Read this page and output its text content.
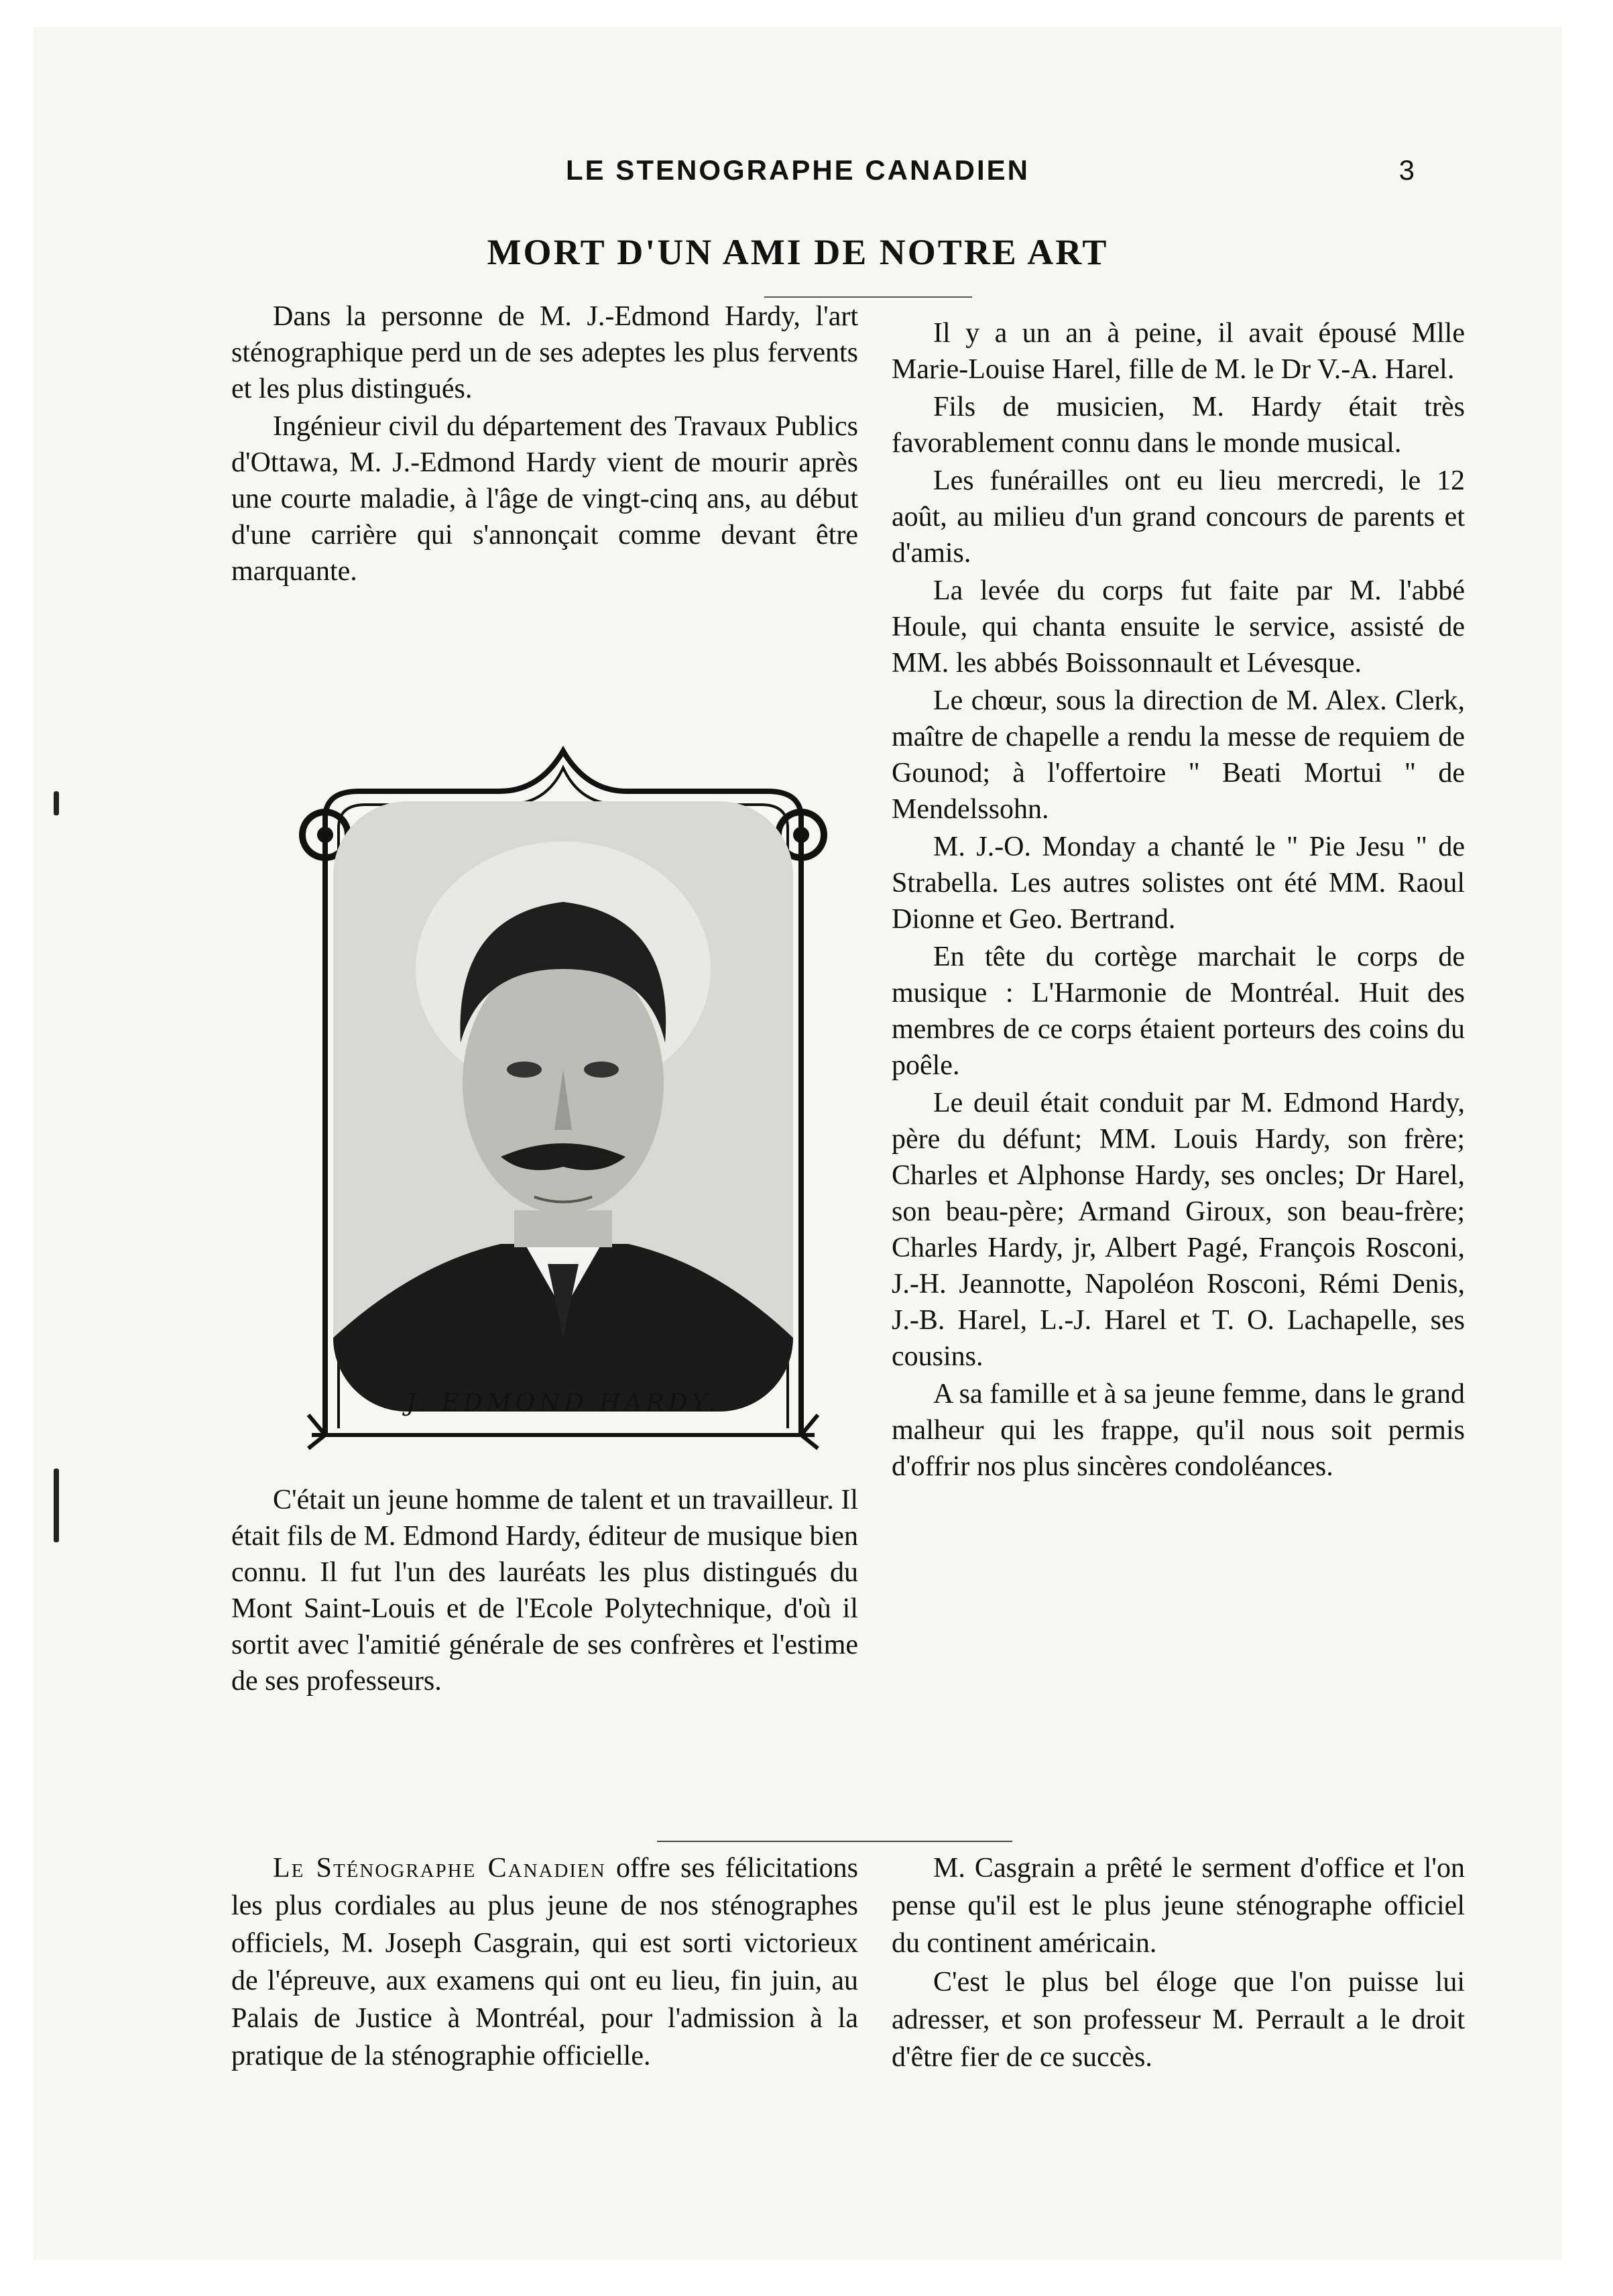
LE STENOGRAPHE CANADIEN	3
MORT D'UN AMI DE NOTRE ART

Dans la personne de M. J.-Edmond Hardy, l'art sténographique perd un de ses adeptes les plus fervents et les plus distingués.

Ingénieur civil du département des Travaux Publics d'Ottawa, M. J.-Edmond Hardy vient de mourir après une courte maladie, à l'âge de vingt-cinq ans, au début d'une carrière qui s'annonçait comme devant être marquante.

J. EDMOND HARDY.

C'était un jeune homme de talent et un travailleur. Il était fils de M. Edmond Hardy, éditeur de musique bien connu. Il fut l'un des lauréats les plus distingués du Mont Saint-Louis et de l'Ecole Polytechnique, d'où il sortit avec l'amitié générale de ses confrères et l'estime de ses professeurs.

Il y a un an à peine, il avait épousé Mlle Marie-Louise Harel, fille de M. le Dr V.-A. Harel.

Fils de musicien, M. Hardy était très favorablement connu dans le monde musical.

Les funérailles ont eu lieu mercredi, le 12 août, au milieu d'un grand concours de parents et d'amis.

La levée du corps fut faite par M. l'abbé Houle, qui chanta ensuite le service, assisté de MM. les abbés Boissonnault et Lévesque.

Le chœur, sous la direction de M. Alex. Clerk, maître de chapelle a rendu la messe de requiem de Gounod; à l'offertoire " Beati Mortui " de Mendelssohn.

M. J.-O. Monday a chanté le " Pie Jesu " de Strabella. Les autres solistes ont été MM. Raoul Dionne et Geo. Bertrand.

En tête du cortège marchait le corps de musique : L'Harmonie de Montréal. Huit des membres de ce corps étaient porteurs des coins du poêle.

Le deuil était conduit par M. Edmond Hardy, père du défunt; MM. Louis Hardy, son frère; Charles et Alphonse Hardy, ses oncles; Dr Harel, son beau-père; Armand Giroux, son beau-frère; Charles Hardy, jr, Albert Pagé, François Rosconi, J.-H. Jeannotte, Napoléon Rosconi, Rémi Denis, J.-B. Harel, L.-J. Harel et T. O. Lachapelle, ses cousins.

A sa famille et à sa jeune femme, dans le grand malheur qui les frappe, qu'il nous soit permis d'offrir nos plus sincères condoléances.

Le Sténographe Canadien offre ses félicitations les plus cordiales au plus jeune de nos sténographes officiels, M. Joseph Casgrain, qui est sorti victorieux de l'épreuve, aux examens qui ont eu lieu, fin juin, au Palais de Justice à Montréal, pour l'admission à la pratique de la sténographie officielle.

M. Casgrain a prêté le serment d'office et l'on pense qu'il est le plus jeune sténographe officiel du continent américain.

C'est le plus bel éloge que l'on puisse lui adresser, et son professeur M. Perrault a le droit d'être fier de ce succès.
